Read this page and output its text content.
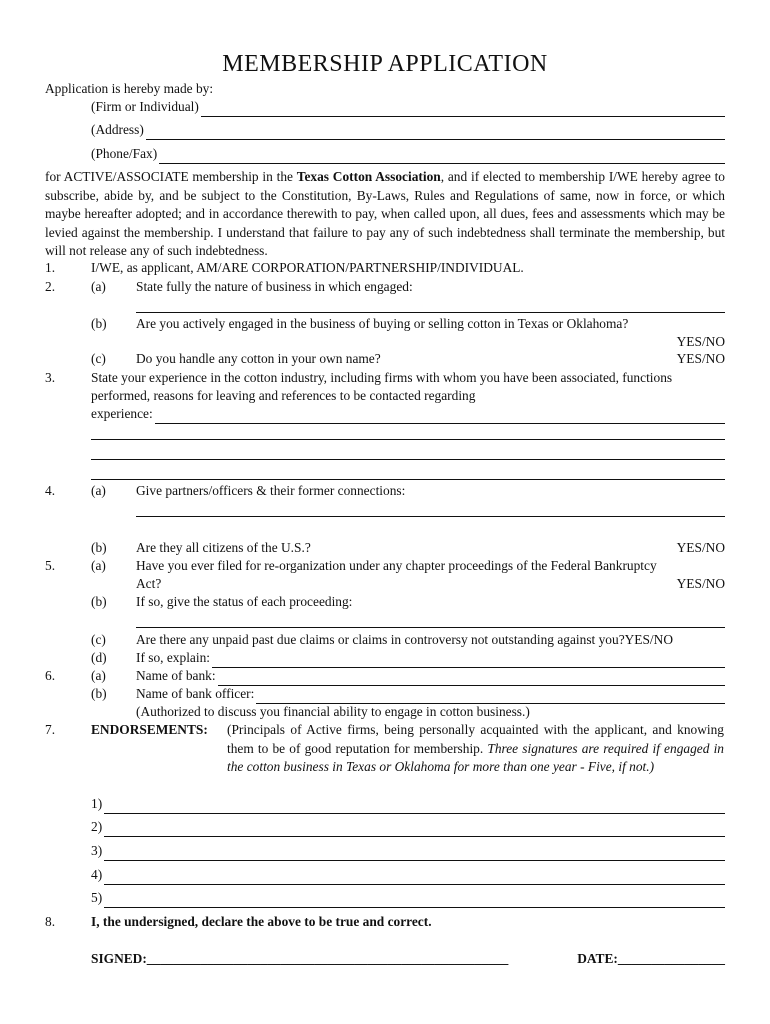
MEMBERSHIP APPLICATION
Application is hereby made by:
(Firm or Individual)
(Address)
(Phone/Fax)
for ACTIVE/ASSOCIATE membership in the Texas Cotton Association, and if elected to membership I/WE hereby agree to subscribe, abide by, and be subject to the Constitution, By-Laws, Rules and Regulations of same, now in force, or which maybe hereafter adopted; and in accordance therewith to pay, when called upon, all dues, fees and assessments which may be levied against the membership. I understand that failure to pay any of such indebtedness shall terminate the membership, but will not release any of such indebtedness.
1.	I/WE, as applicant, AM/ARE CORPORATION/PARTNERSHIP/INDIVIDUAL.
2.	(a) State fully the nature of business in which engaged:
(b) Are you actively engaged in the business of buying or selling cotton in Texas or Oklahoma?
YES/NO
(c) Do you handle any cotton in your own name?	YES/NO
3.	State your experience in the cotton industry, including firms with whom you have been associated, functions
performed, reasons for leaving and references to be contacted regarding
experience:
4.	(a) Give partners/officers & their former connections:
(b) Are they all citizens of the U.S.?	YES/NO
5.	(a) Have you ever filed for re-organization under any chapter proceedings of the Federal Bankruptcy
Act?	YES/NO
(b) If so, give the status of each proceeding:
(c) Are there any unpaid past due claims or claims in controversy not outstanding against you?YES/NO
(d) If so, explain:
6.	(a) Name of bank:
(b) Name of bank officer:
(Authorized to discuss you financial ability to engage in cotton business.)
7.	ENDORSEMENTS: (Principals of Active firms, being personally acquainted with the applicant, and knowing them to be of good reputation for membership. Three signatures are required if engaged in the cotton business in Texas or Oklahoma for more than one year - Five, if not.)
1)
2)
3)
4)
5)
8.	I, the undersigned, declare the above to be true and correct.
SIGNED:______________________________________________________	DATE:________________
